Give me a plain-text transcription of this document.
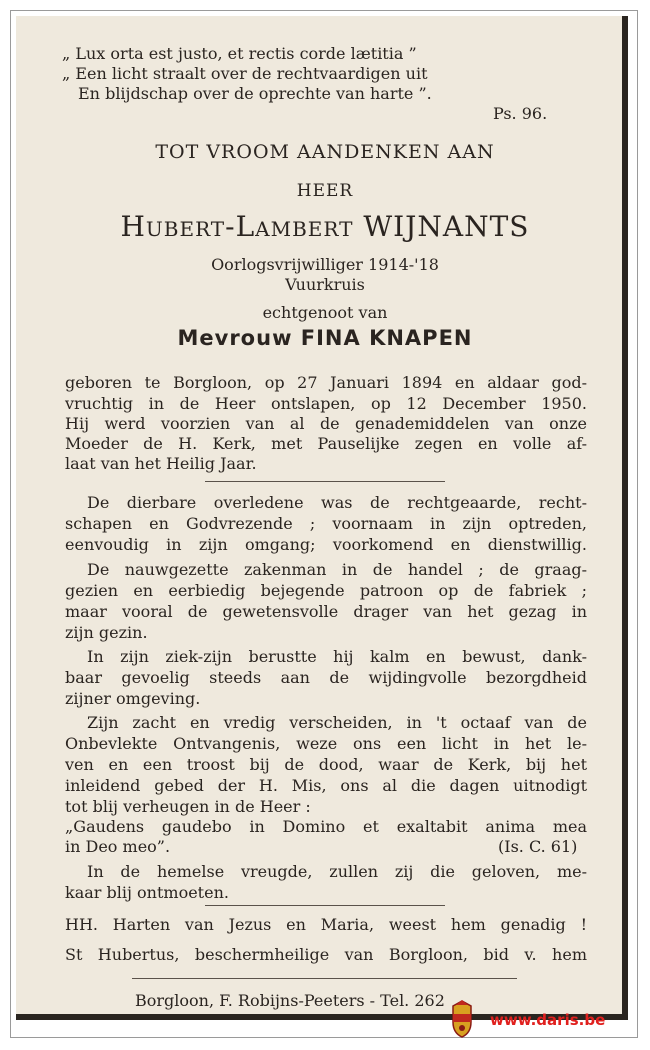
„ Lux orta est justo, et rectis corde lætitia ”
„ Een licht straalt over de rechtvaardigen uit
En blijdschap over de oprechte van harte ”.
Ps. 96.
TOT VROOM AANDENKEN AAN
HEER
Hubert-Lambert WIJNANTS
Oorlogsvrijwilliger 1914-'18
Vuurkruis
echtgenoot van
Mevrouw FINA KNAPEN
geboren te Borgloon, op 27 Januari 1894 en aldaar god-
vruchtig in de Heer ontslapen, op 12 December 1950.
Hij werd voorzien van al de genademiddelen van onze
Moeder de H. Kerk, met Pauselijke zegen en volle af-
laat van het Heilig Jaar.
De dierbare overledene was de rechtgeaarde, recht-
schapen en Godvrezende ; voornaam in zijn optreden,
eenvoudig in zijn omgang; voorkomend en dienstwillig.
De nauwgezette zakenman in de handel ; de graag-
gezien en eerbiedig bejegende patroon op de fabriek ;
maar vooral de gewetensvolle drager van het gezag in
zijn gezin.
In zijn ziek-zijn berustte hij kalm en bewust, dank-
baar gevoelig steeds aan de wijdingvolle bezorgdheid
zijner omgeving.
Zijn zacht en vredig verscheiden, in 't octaaf van de
Onbevlekte Ontvangenis, weze ons een licht in het le-
ven en een troost bij de dood, waar de Kerk, bij het
inleidend gebed der H. Mis, ons al die dagen uitnodigt
tot blij verheugen in de Heer :
„Gaudens gaudebo in Domino et exaltabit anima mea
in Deo meo”.	(Is. C. 61)
In de hemelse vreugde, zullen zij die geloven, me-
kaar blij ontmoeten.
HH. Harten van Jezus en Maria, weest hem genadig !
St Hubertus, beschermheilige van Borgloon, bid v. hem
Borgloon, F. Robijns-Peeters - Tel. 262
www.daris.be
